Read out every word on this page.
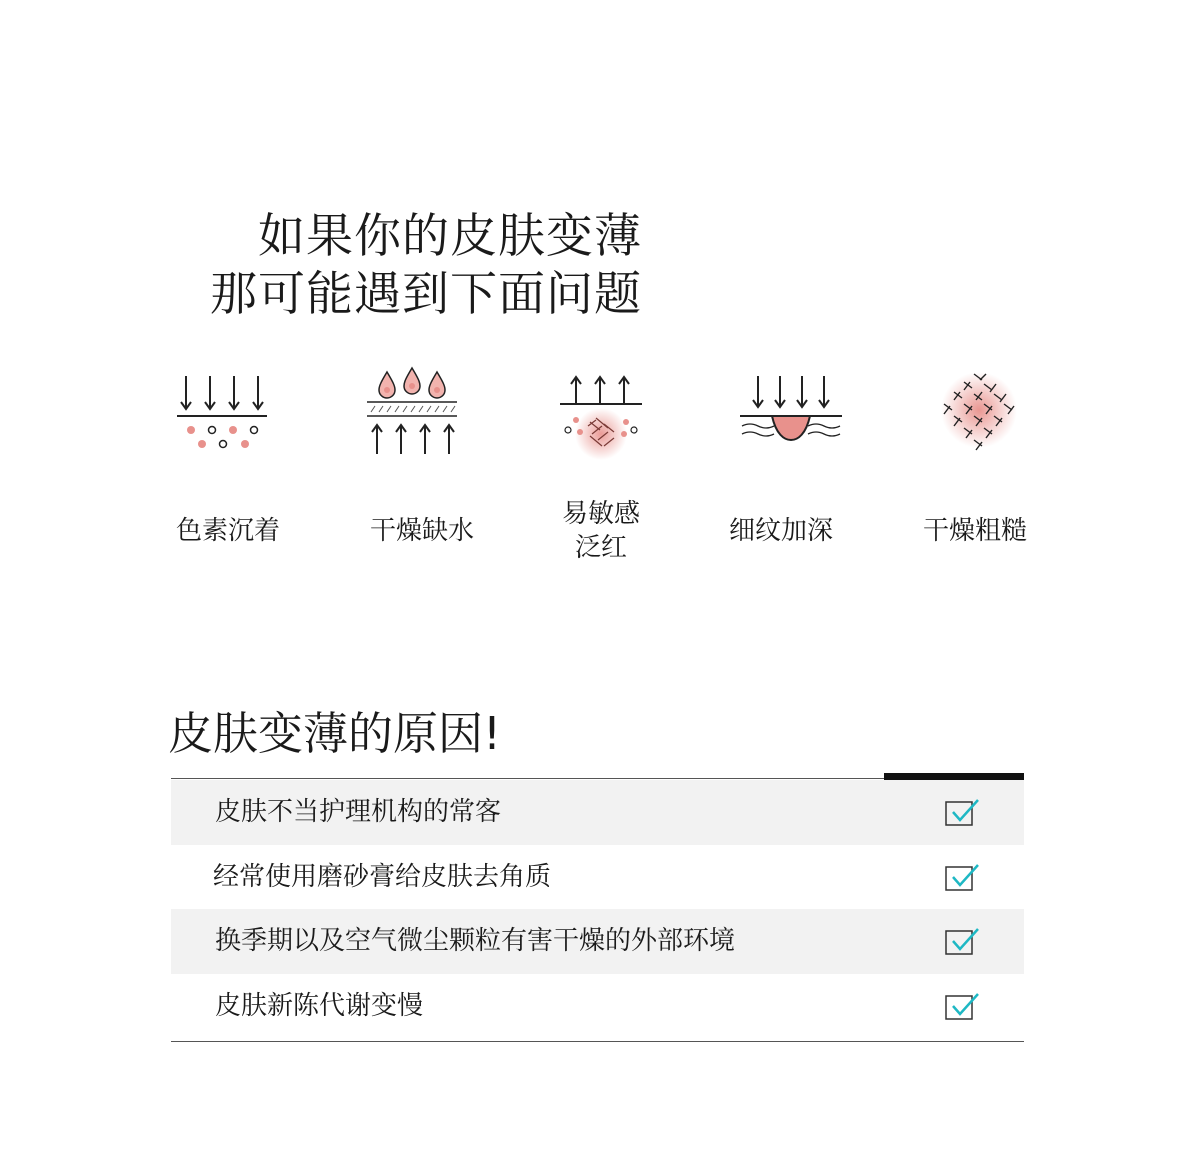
如果你的皮肤变薄
那可能遇到下面问题
色素沉着	干燥缺水
易敏感
泛红
细纹加深	干燥粗糙
皮肤变薄的原因!
皮肤不当护理机构的常客
经常使用磨砂膏给皮肤去角质
换季期以及空气微尘颗粒有害干燥的外部环境
皮肤新陈代谢变慢
